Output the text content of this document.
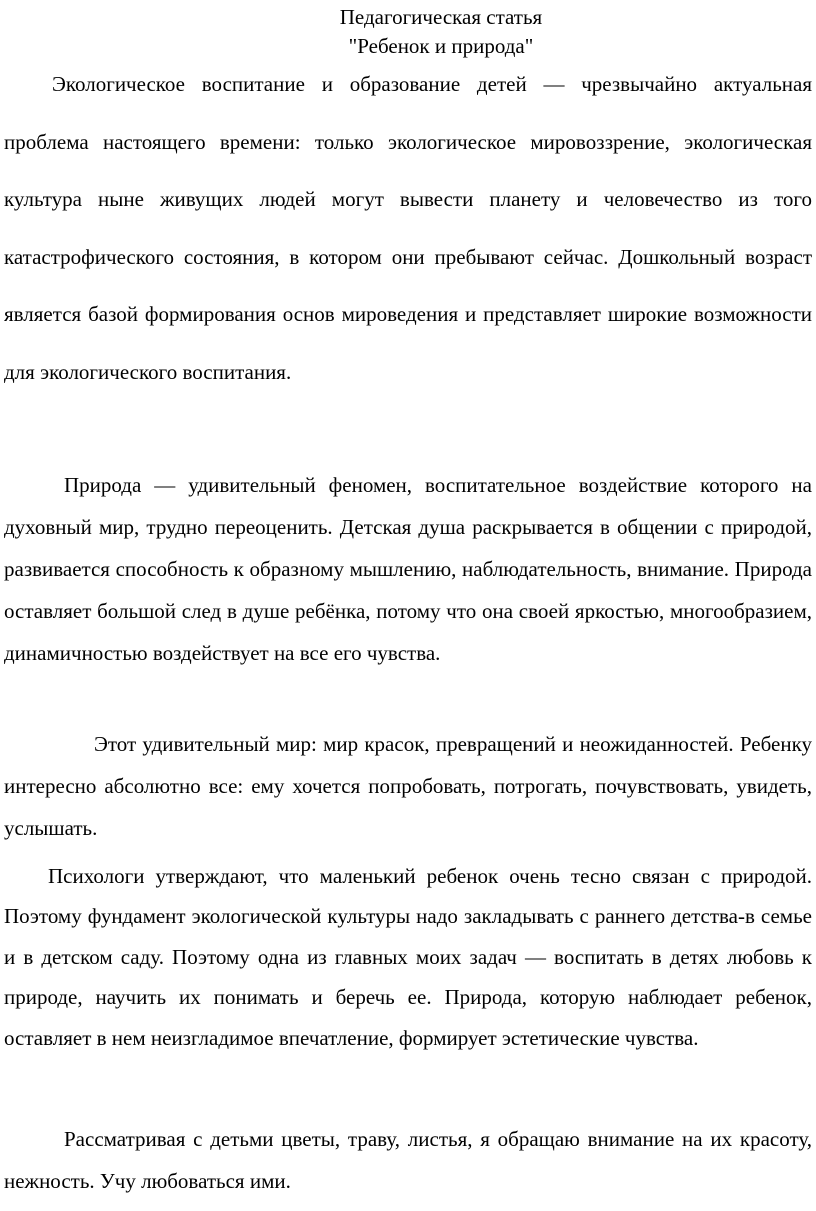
Педагогическая статья
"Ребенок и природа"

Экологическое воспитание и образование детей — чрезвычайно актуальная проблема настоящего времени: только экологическое мировоззрение, экологическая культура ныне живущих людей могут вывести планету и человечество из того катастрофического состояния, в котором они пребывают сейчас. Дошкольный возраст является базой формирования основ мироведения и представляет широкие возможности для экологического воспитания.

Природа — удивительный феномен, воспитательное воздействие которого на духовный мир, трудно переоценить. Детская душа раскрывается в общении с природой, развивается способность к образному мышлению, наблюдательность, внимание. Природа оставляет большой след в душе ребёнка, потому что она своей яркостью, многообразием, динамичностью воздействует на все его чувства.

Этот удивительный мир: мир красок, превращений и неожиданностей. Ребенку интересно абсолютно все: ему хочется попробовать, потрогать, почувствовать, увидеть, услышать.

Психологи утверждают, что маленький ребенок очень тесно связан с природой. Поэтому фундамент экологической культуры надо закладывать с раннего детства-в семье и в детском саду. Поэтому одна из главных моих задач — воспитать в детях любовь к природе, научить их понимать и беречь ее. Природа, которую наблюдает ребенок, оставляет в нем неизгладимое впечатление, формирует эстетические чувства.

Рассматривая с детьми цветы, траву, листья, я обращаю внимание на их красоту, нежность. Учу любоваться ими.
